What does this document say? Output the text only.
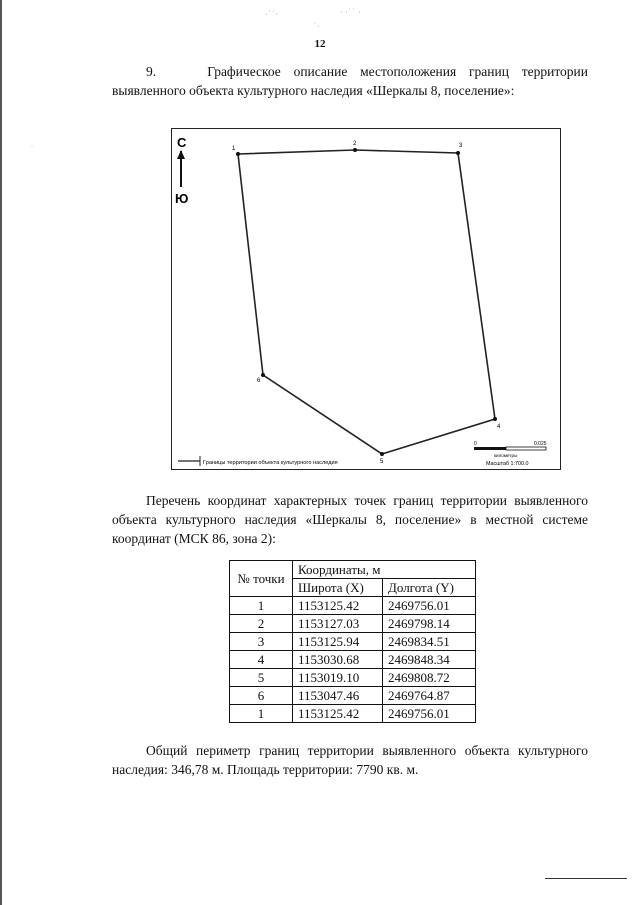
·˙˙·	· ·˙˙ ·
˙·
˙
12

9.	Графическое описание местоположения границ территории выявленного объекта культурного наследия «Шеркалы 8, поселение»:

С
Ю
1
2	3
4
5
6
Границы территории объекта культурного наследия
0	0.025
километры
Масштаб 1:700.0

Перечень координат характерных точек границ территории выявленного объекта культурного наследия «Шеркалы 8, поселение» в местной системе координат (МСК 86, зона 2):

№ точки	Координаты, м	
	Широта (X)	Долгота (Y)
1	1153125.42	2469756.01
2	1153127.03	2469798.14
3	1153125.94	2469834.51
4	1153030.68	2469848.34
5	1153019.10	2469808.72
6	1153047.46	2469764.87
1	1153125.42	2469756.01

Общий периметр границ территории выявленного объекта культурного наследия: 346,78 м. Площадь территории: 7790 кв. м.
